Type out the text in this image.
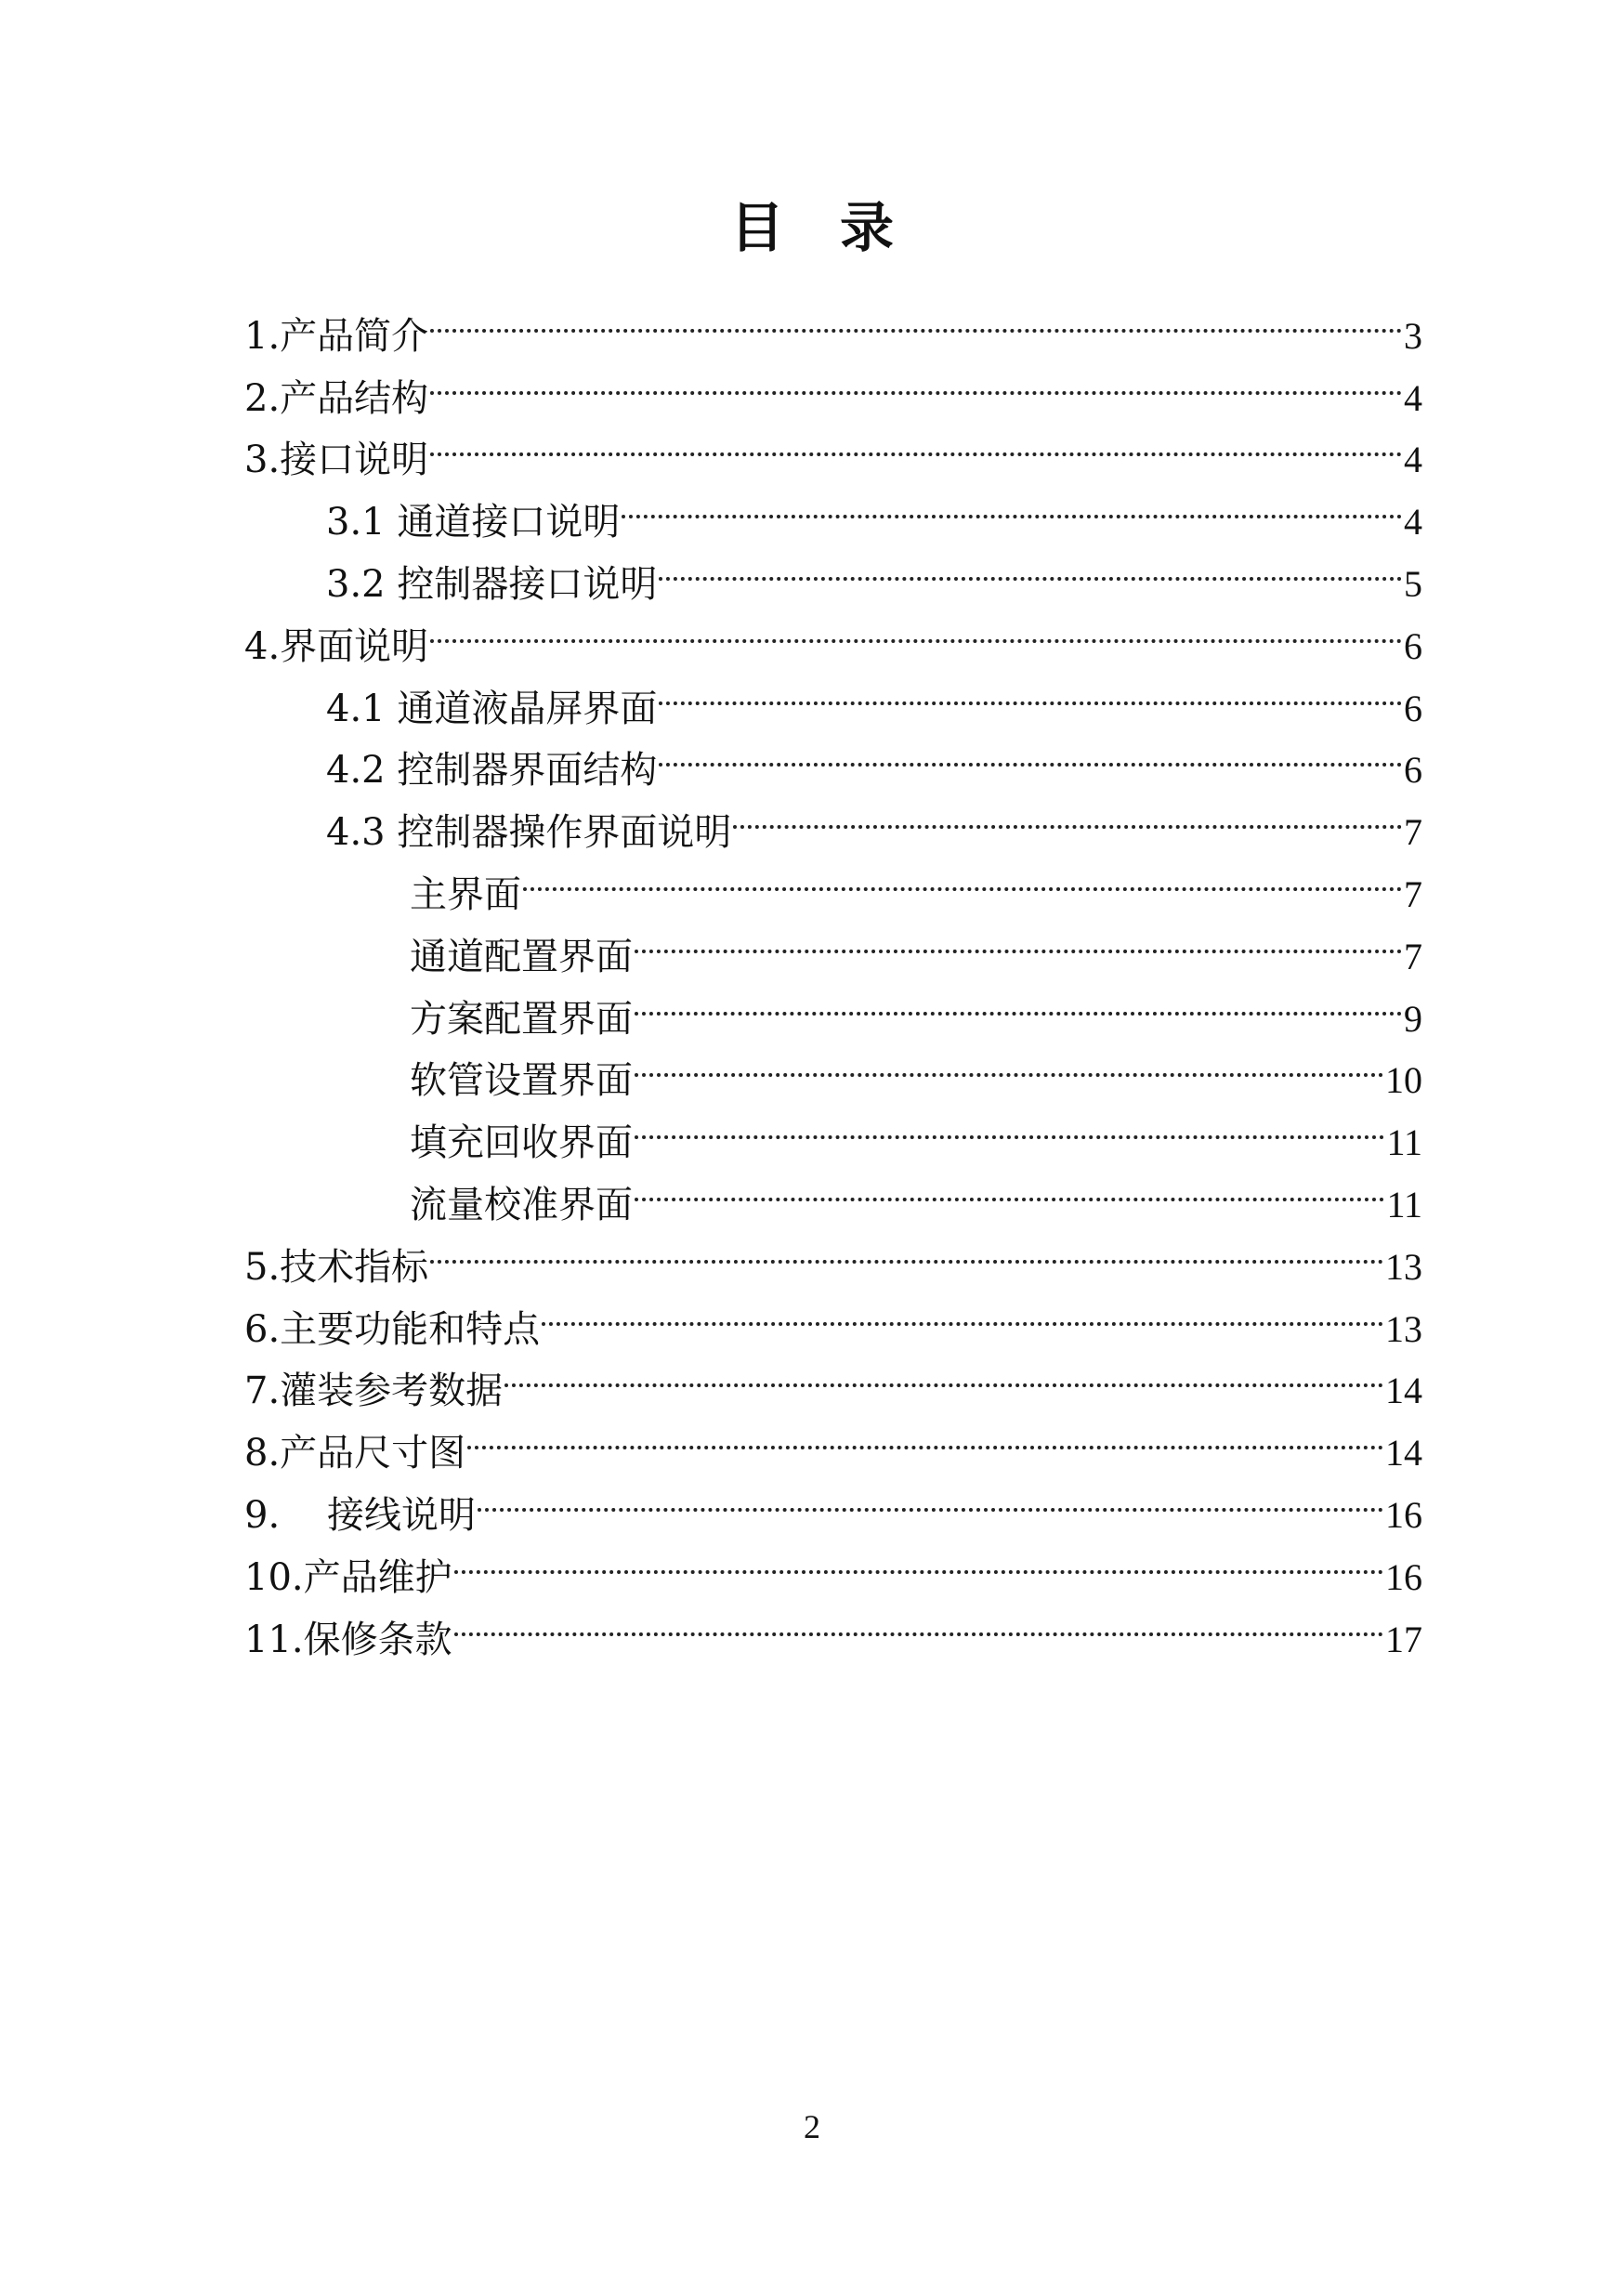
目 录
1.产品简介	3
2.产品结构	4
3.接口说明	4
3.1 通道接口说明	4
3.2 控制器接口说明	5
4.界面说明	6
4.1 通道液晶屏界面	6
4.2 控制器界面结构	6
4.3 控制器操作界面说明	7
主界面	7
通道配置界面	7
方案配置界面	9
软管设置界面	10
填充回收界面	11
流量校准界面	11
5.技术指标	13
6.主要功能和特点	13
7.灌装参考数据	14
8.产品尺寸图	14
9.    接线说明	16
10.产品维护	16
11.保修条款	17
2
